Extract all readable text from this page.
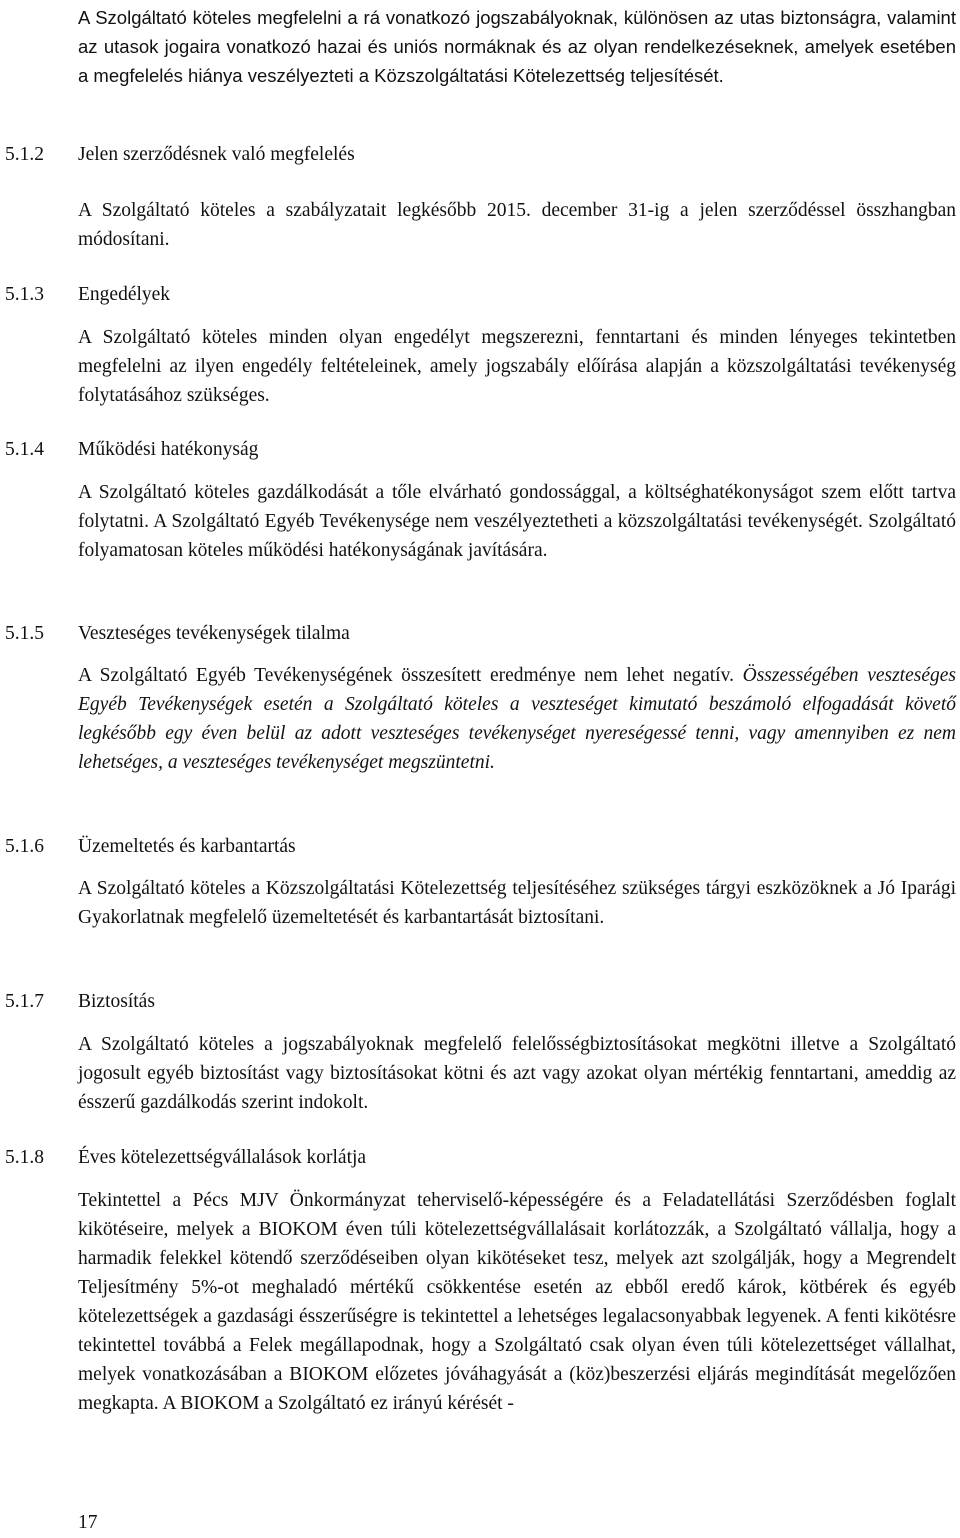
A Szolgáltató köteles megfelelni a rá vonatkozó jogszabályoknak, különösen az utas biztonságra, valamint az utasok jogaira vonatkozó hazai és uniós normáknak és az olyan rendelkezéseknek, amelyek esetében a megfelelés hiánya veszélyezteti a Közszolgáltatási Kötelezettség teljesítését.
5.1.2 Jelen szerződésnek való megfelelés
A Szolgáltató köteles a szabályzatait legkésőbb 2015. december 31-ig a jelen szerződéssel összhangban módosítani.
5.1.3 Engedélyek
A Szolgáltató köteles minden olyan engedélyt megszerezni, fenntartani és minden lényeges tekintetben megfelelni az ilyen engedély feltételeinek, amely jogszabály előírása alapján a közszolgáltatási tevékenység folytatásához szükséges.
5.1.4 Működési hatékonyság
A Szolgáltató köteles gazdálkodását a tőle elvárható gondossággal, a költséghatékonyságot szem előtt tartva folytatni. A Szolgáltató Egyéb Tevékenysége nem veszélyeztetheti a közszolgáltatási tevékenységét. Szolgáltató folyamatosan köteles működési hatékonyságának javítására.
5.1.5 Veszteséges tevékenységek tilalma
A Szolgáltató Egyéb Tevékenységének összesített eredménye nem lehet negatív. Összességében veszteséges Egyéb Tevékenységek esetén a Szolgáltató köteles a veszteséget kimutató beszámoló elfogadását követő legkésőbb egy éven belül az adott veszteséges tevékenységet nyereségessé tenni, vagy amennyiben ez nem lehetséges, a veszteséges tevékenységet megszüntetni.
5.1.6 Üzemeltetés és karbantartás
A Szolgáltató köteles a Közszolgáltatási Kötelezettség teljesítéséhez szükséges tárgyi eszközöknek a Jó Iparági Gyakorlatnak megfelelő üzemeltetését és karbantartását biztosítani.
5.1.7 Biztosítás
A Szolgáltató köteles a jogszabályoknak megfelelő felelősségbiztosításokat megkötni illetve a Szolgáltató jogosult egyéb biztosítást vagy biztosításokat kötni és azt vagy azokat olyan mértékig fenntartani, ameddig az ésszerű gazdálkodás szerint indokolt.
5.1.8 Éves kötelezettségvállalások korlátja
Tekintettel a Pécs MJV Önkormányzat teherviselő-képességére és a Feladatellátási Szerződésben foglalt kikötéseire, melyek a BIOKOM éven túli kötelezettségvállalásait korlátozzák, a Szolgáltató vállalja, hogy a harmadik felekkel kötendő szerződéseiben olyan kikötéseket tesz, melyek azt szolgálják, hogy a Megrendelt Teljesítmény 5%-ot meghaladó mértékű csökkentése esetén az ebből eredő károk, kötbérek és egyéb kötelezettségek a gazdasági ésszerűségre is tekintettel a lehetséges legalacsonyabbak legyenek. A fenti kikötésre tekintettel továbbá a Felek megállapodnak, hogy a Szolgáltató csak olyan éven túli kötelezettséget vállalhat, melyek vonatkozásában a BIOKOM előzetes jóváhagyását a (köz)beszerzési eljárás megindítását megelőzően megkapta. A BIOKOM a Szolgáltató ez irányú kérését -
17
